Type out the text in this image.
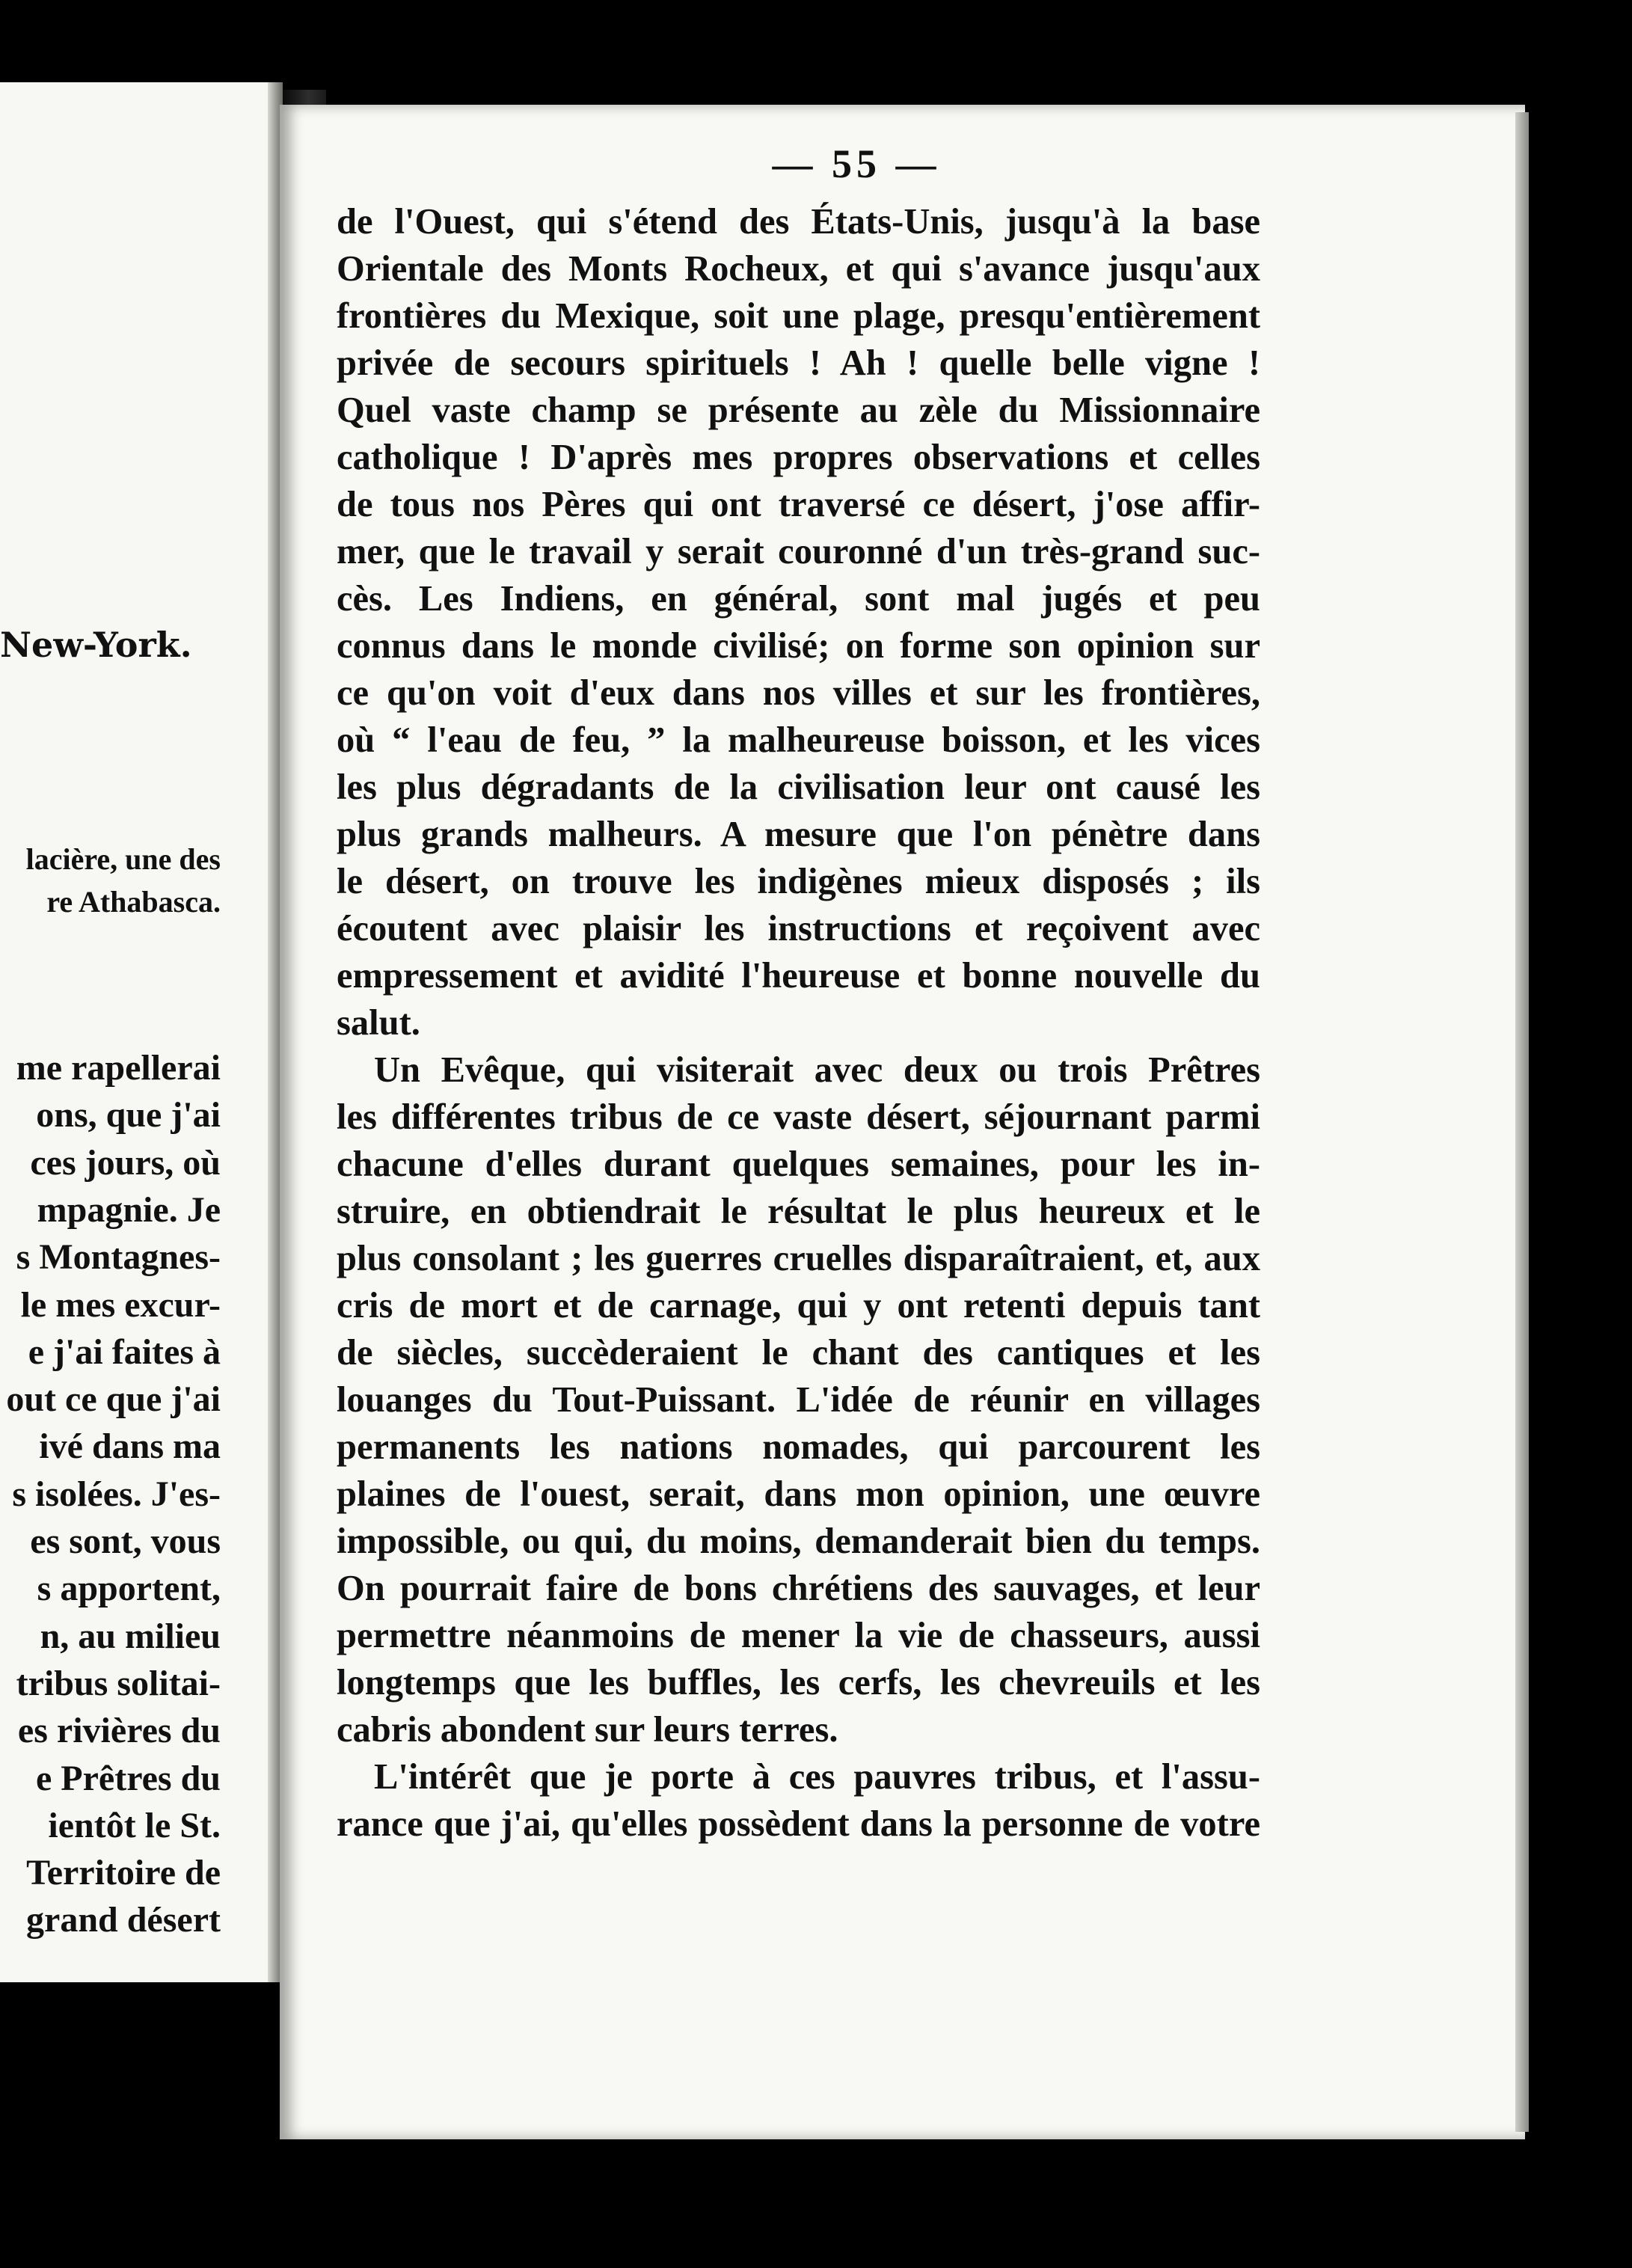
New-York.
lacière, une des
re Athabasca.
me rapellerai
ons, que j'ai
ces jours, où
mpagnie. Je
s Montagnes-
le mes excur-
e j'ai faites à
out ce que j'ai
ivé dans ma
s isolées. J'es-
es sont, vous
s apportent,
n, au milieu
tribus solitai-
es rivières du
e Prêtres du
ientôt le St.
Territoire de
grand désert
— 55 —
de l'Ouest, qui s'étend des États-Unis, jusqu'à la base
Orientale des Monts Rocheux, et qui s'avance jusqu'aux
frontières du Mexique, soit une plage, presqu'entièrement
privée de secours spirituels ! Ah ! quelle belle vigne !
Quel vaste champ se présente au zèle du Missionnaire
catholique ! D'après mes propres observations et celles
de tous nos Pères qui ont traversé ce désert, j'ose affir-
mer, que le travail y serait couronné d'un très-grand suc-
cès. Les Indiens, en général, sont mal jugés et peu
connus dans le monde civilisé; on forme son opinion sur
ce qu'on voit d'eux dans nos villes et sur les frontières,
où “ l'eau de feu, ” la malheureuse boisson, et les vices
les plus dégradants de la civilisation leur ont causé les
plus grands malheurs. A mesure que l'on pénètre dans
le désert, on trouve les indigènes mieux disposés ; ils
écoutent avec plaisir les instructions et reçoivent avec
empressement et avidité l'heureuse et bonne nouvelle du
salut.
Un Evêque, qui visiterait avec deux ou trois Prêtres
les différentes tribus de ce vaste désert, séjournant parmi
chacune d'elles durant quelques semaines, pour les in-
struire, en obtiendrait le résultat le plus heureux et le
plus consolant ; les guerres cruelles disparaîtraient, et, aux
cris de mort et de carnage, qui y ont retenti depuis tant
de siècles, succèderaient le chant des cantiques et les
louanges du Tout-Puissant. L'idée de réunir en villages
permanents les nations nomades, qui parcourent les
plaines de l'ouest, serait, dans mon opinion, une œuvre
impossible, ou qui, du moins, demanderait bien du temps.
On pourrait faire de bons chrétiens des sauvages, et leur
permettre néanmoins de mener la vie de chasseurs, aussi
longtemps que les buffles, les cerfs, les chevreuils et les
cabris abondent sur leurs terres.
L'intérêt que je porte à ces pauvres tribus, et l'assu-
rance que j'ai, qu'elles possèdent dans la personne de votre
